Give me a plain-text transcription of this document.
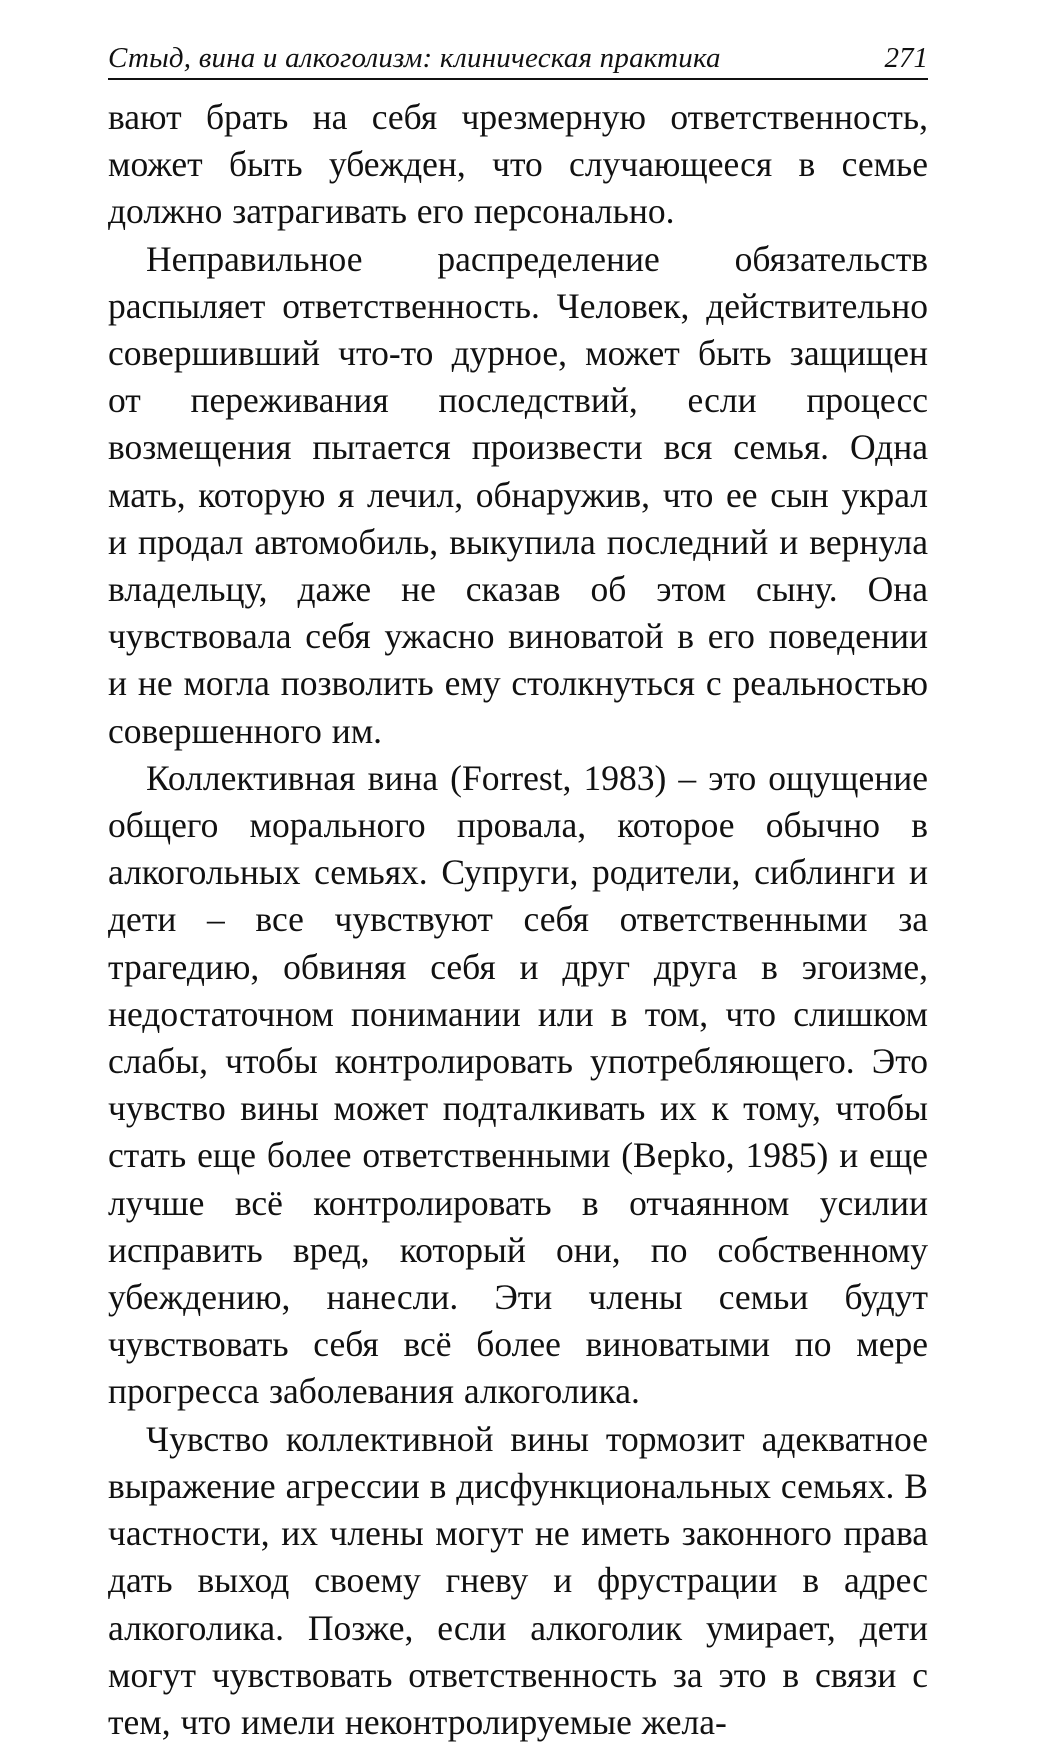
Стыд, вина и алкоголизм: клиническая практика	271

вают брать на себя чрезмерную ответственность, может быть убежден, что случающееся в семье должно затрагивать его персонально.

Неправильное распределение обязательств распыляет ответственность. Человек, действительно совершивший что-то дурное, может быть защищен от переживания последствий, если процесс возмещения пытается произвести вся семья. Одна мать, которую я лечил, обнаружив, что ее сын украл и продал автомобиль, выкупила последний и вернула владельцу, даже не сказав об этом сыну. Она чувствовала себя ужасно виноватой в его поведении и не могла позволить ему столкнуться с реальностью совершенного им.

Коллективная вина (Forrest, 1983) – это ощущение общего морального провала, которое обычно в алкогольных семьях. Супруги, родители, сиблинги и дети – все чувствуют себя ответственными за трагедию, обвиняя себя и друг друга в эгоизме, недостаточном понимании или в том, что слишком слабы, чтобы контролировать употребляющего. Это чувство вины может подталкивать их к тому, чтобы стать еще более ответственными (Bepko, 1985) и еще лучше всё контролировать в отчаянном усилии исправить вред, который они, по собственному убеждению, нанесли. Эти члены семьи будут чувствовать себя всё более виноватыми по мере прогресса заболевания алкоголика.

Чувство коллективной вины тормозит адекватное выражение агрессии в дисфункциональных семьях. В частности, их члены могут не иметь законного права дать выход своему гневу и фрустрации в адрес алкоголика. Позже, если алкоголик умирает, дети могут чувствовать ответственность за это в связи с тем, что имели неконтролируемые жела-
